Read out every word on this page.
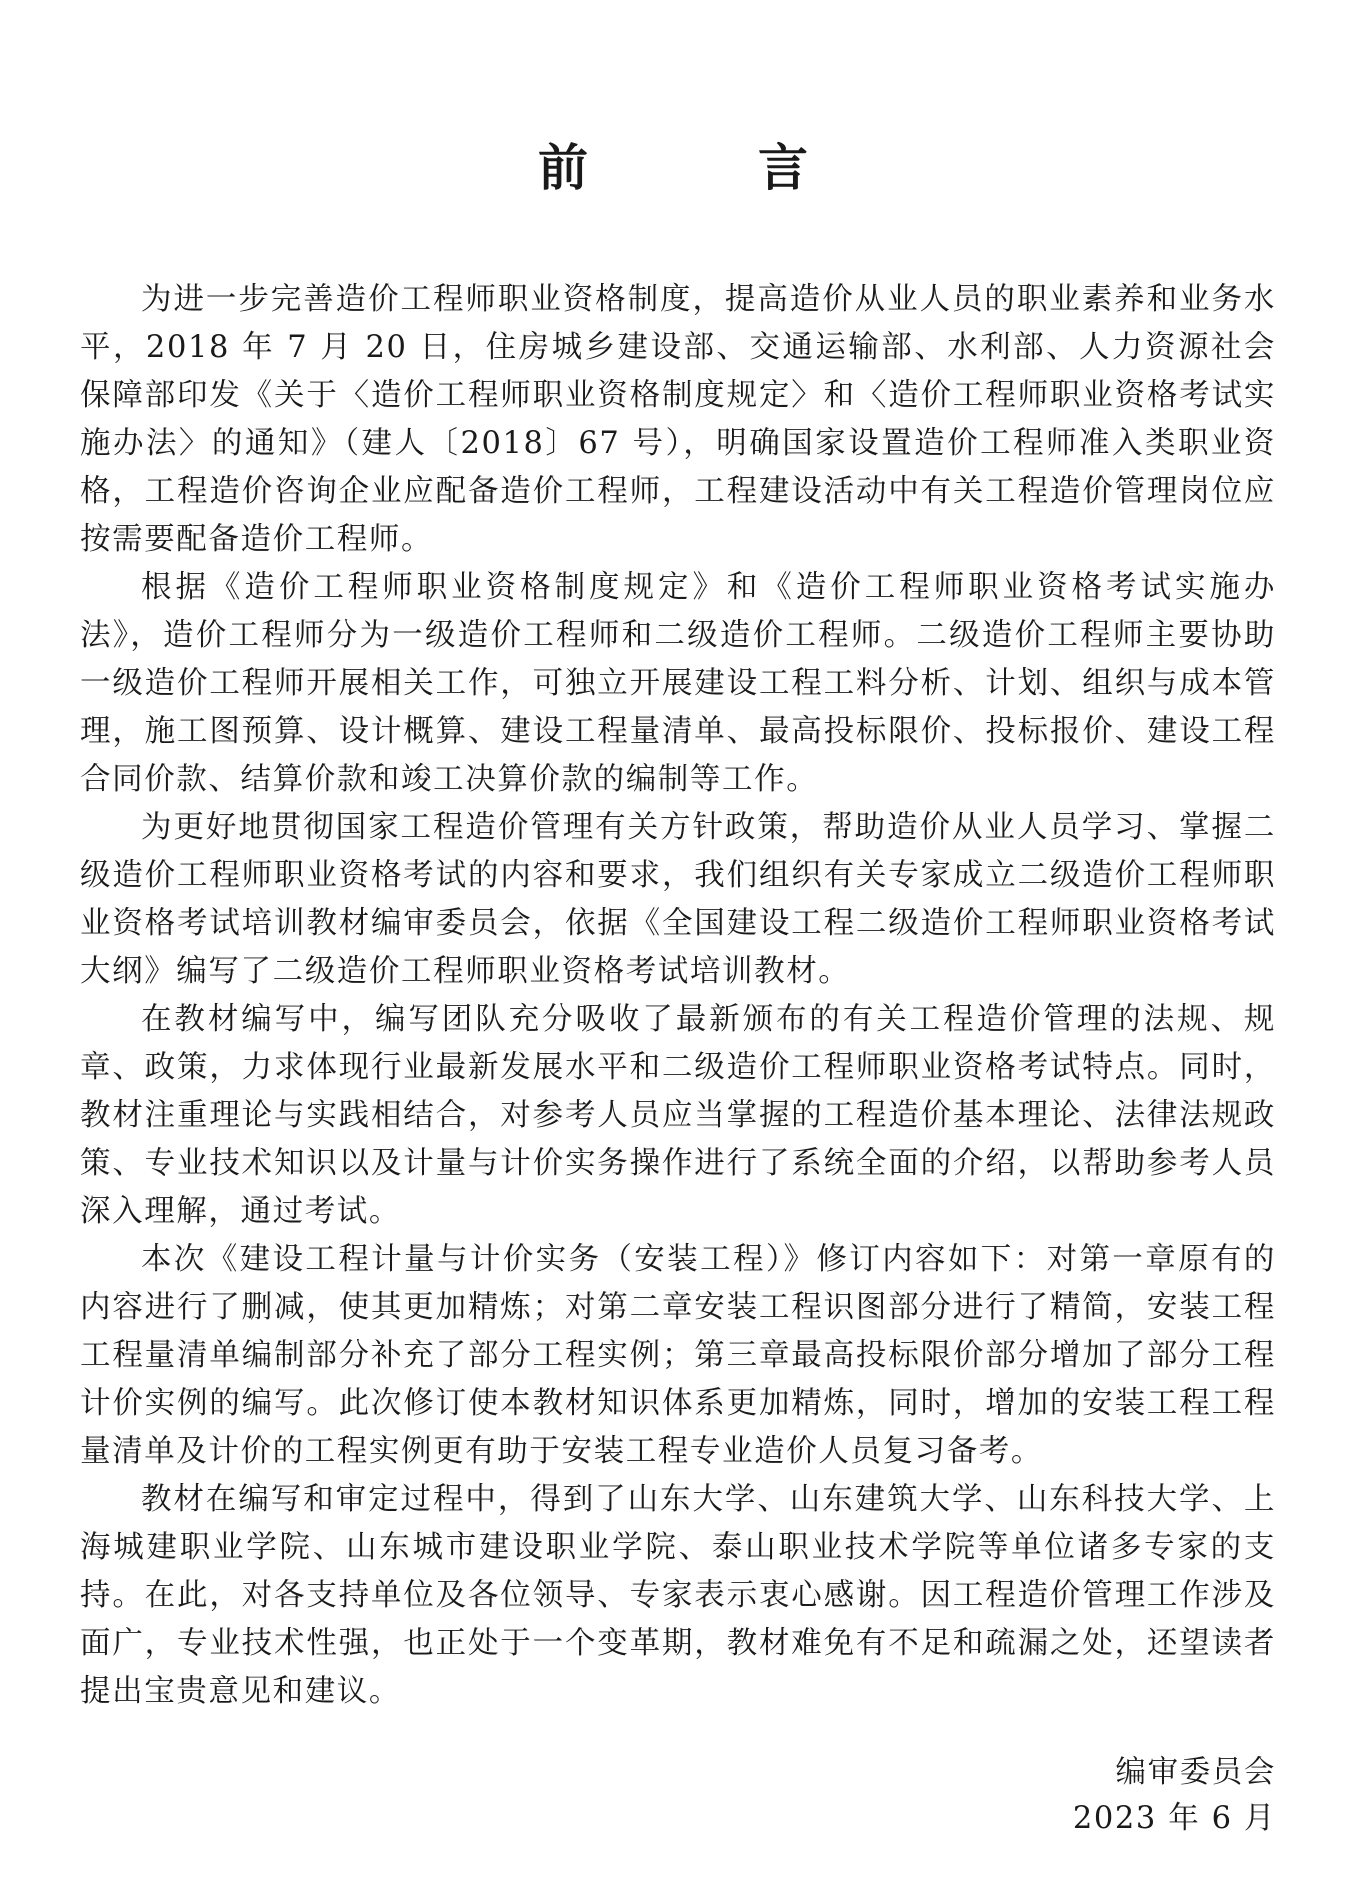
前　言

为进一步完善造价工程师职业资格制度，提高造价从业人员的职业素养和业务水平，2018 年 7 月 20 日，住房城乡建设部、交通运输部、水利部、人力资源社会保障部印发《关于〈造价工程师职业资格制度规定〉和〈造价工程师职业资格考试实施办法〉的通知》（建人〔2018〕67 号），明确国家设置造价工程师准入类职业资格，工程造价咨询企业应配备造价工程师，工程建设活动中有关工程造价管理岗位应按需要配备造价工程师。

根据《造价工程师职业资格制度规定》和《造价工程师职业资格考试实施办法》，造价工程师分为一级造价工程师和二级造价工程师。二级造价工程师主要协助一级造价工程师开展相关工作，可独立开展建设工程工料分析、计划、组织与成本管理，施工图预算、设计概算、建设工程量清单、最高投标限价、投标报价、建设工程合同价款、结算价款和竣工决算价款的编制等工作。

为更好地贯彻国家工程造价管理有关方针政策，帮助造价从业人员学习、掌握二级造价工程师职业资格考试的内容和要求，我们组织有关专家成立二级造价工程师职业资格考试培训教材编审委员会，依据《全国建设工程二级造价工程师职业资格考试大纲》编写了二级造价工程师职业资格考试培训教材。

在教材编写中，编写团队充分吸收了最新颁布的有关工程造价管理的法规、规章、政策，力求体现行业最新发展水平和二级造价工程师职业资格考试特点。同时，教材注重理论与实践相结合，对参考人员应当掌握的工程造价基本理论、法律法规政策、专业技术知识以及计量与计价实务操作进行了系统全面的介绍，以帮助参考人员深入理解，通过考试。

本次《建设工程计量与计价实务（安装工程）》修订内容如下：对第一章原有的内容进行了删减，使其更加精炼；对第二章安装工程识图部分进行了精简，安装工程工程量清单编制部分补充了部分工程实例；第三章最高投标限价部分增加了部分工程计价实例的编写。此次修订使本教材知识体系更加精炼，同时，增加的安装工程工程量清单及计价的工程实例更有助于安装工程专业造价人员复习备考。

教材在编写和审定过程中，得到了山东大学、山东建筑大学、山东科技大学、上海城建职业学院、山东城市建设职业学院、泰山职业技术学院等单位诸多专家的支持。在此，对各支持单位及各位领导、专家表示衷心感谢。因工程造价管理工作涉及面广，专业技术性强，也正处于一个变革期，教材难免有不足和疏漏之处，还望读者提出宝贵意见和建议。

编审委员会
2023 年 6 月
